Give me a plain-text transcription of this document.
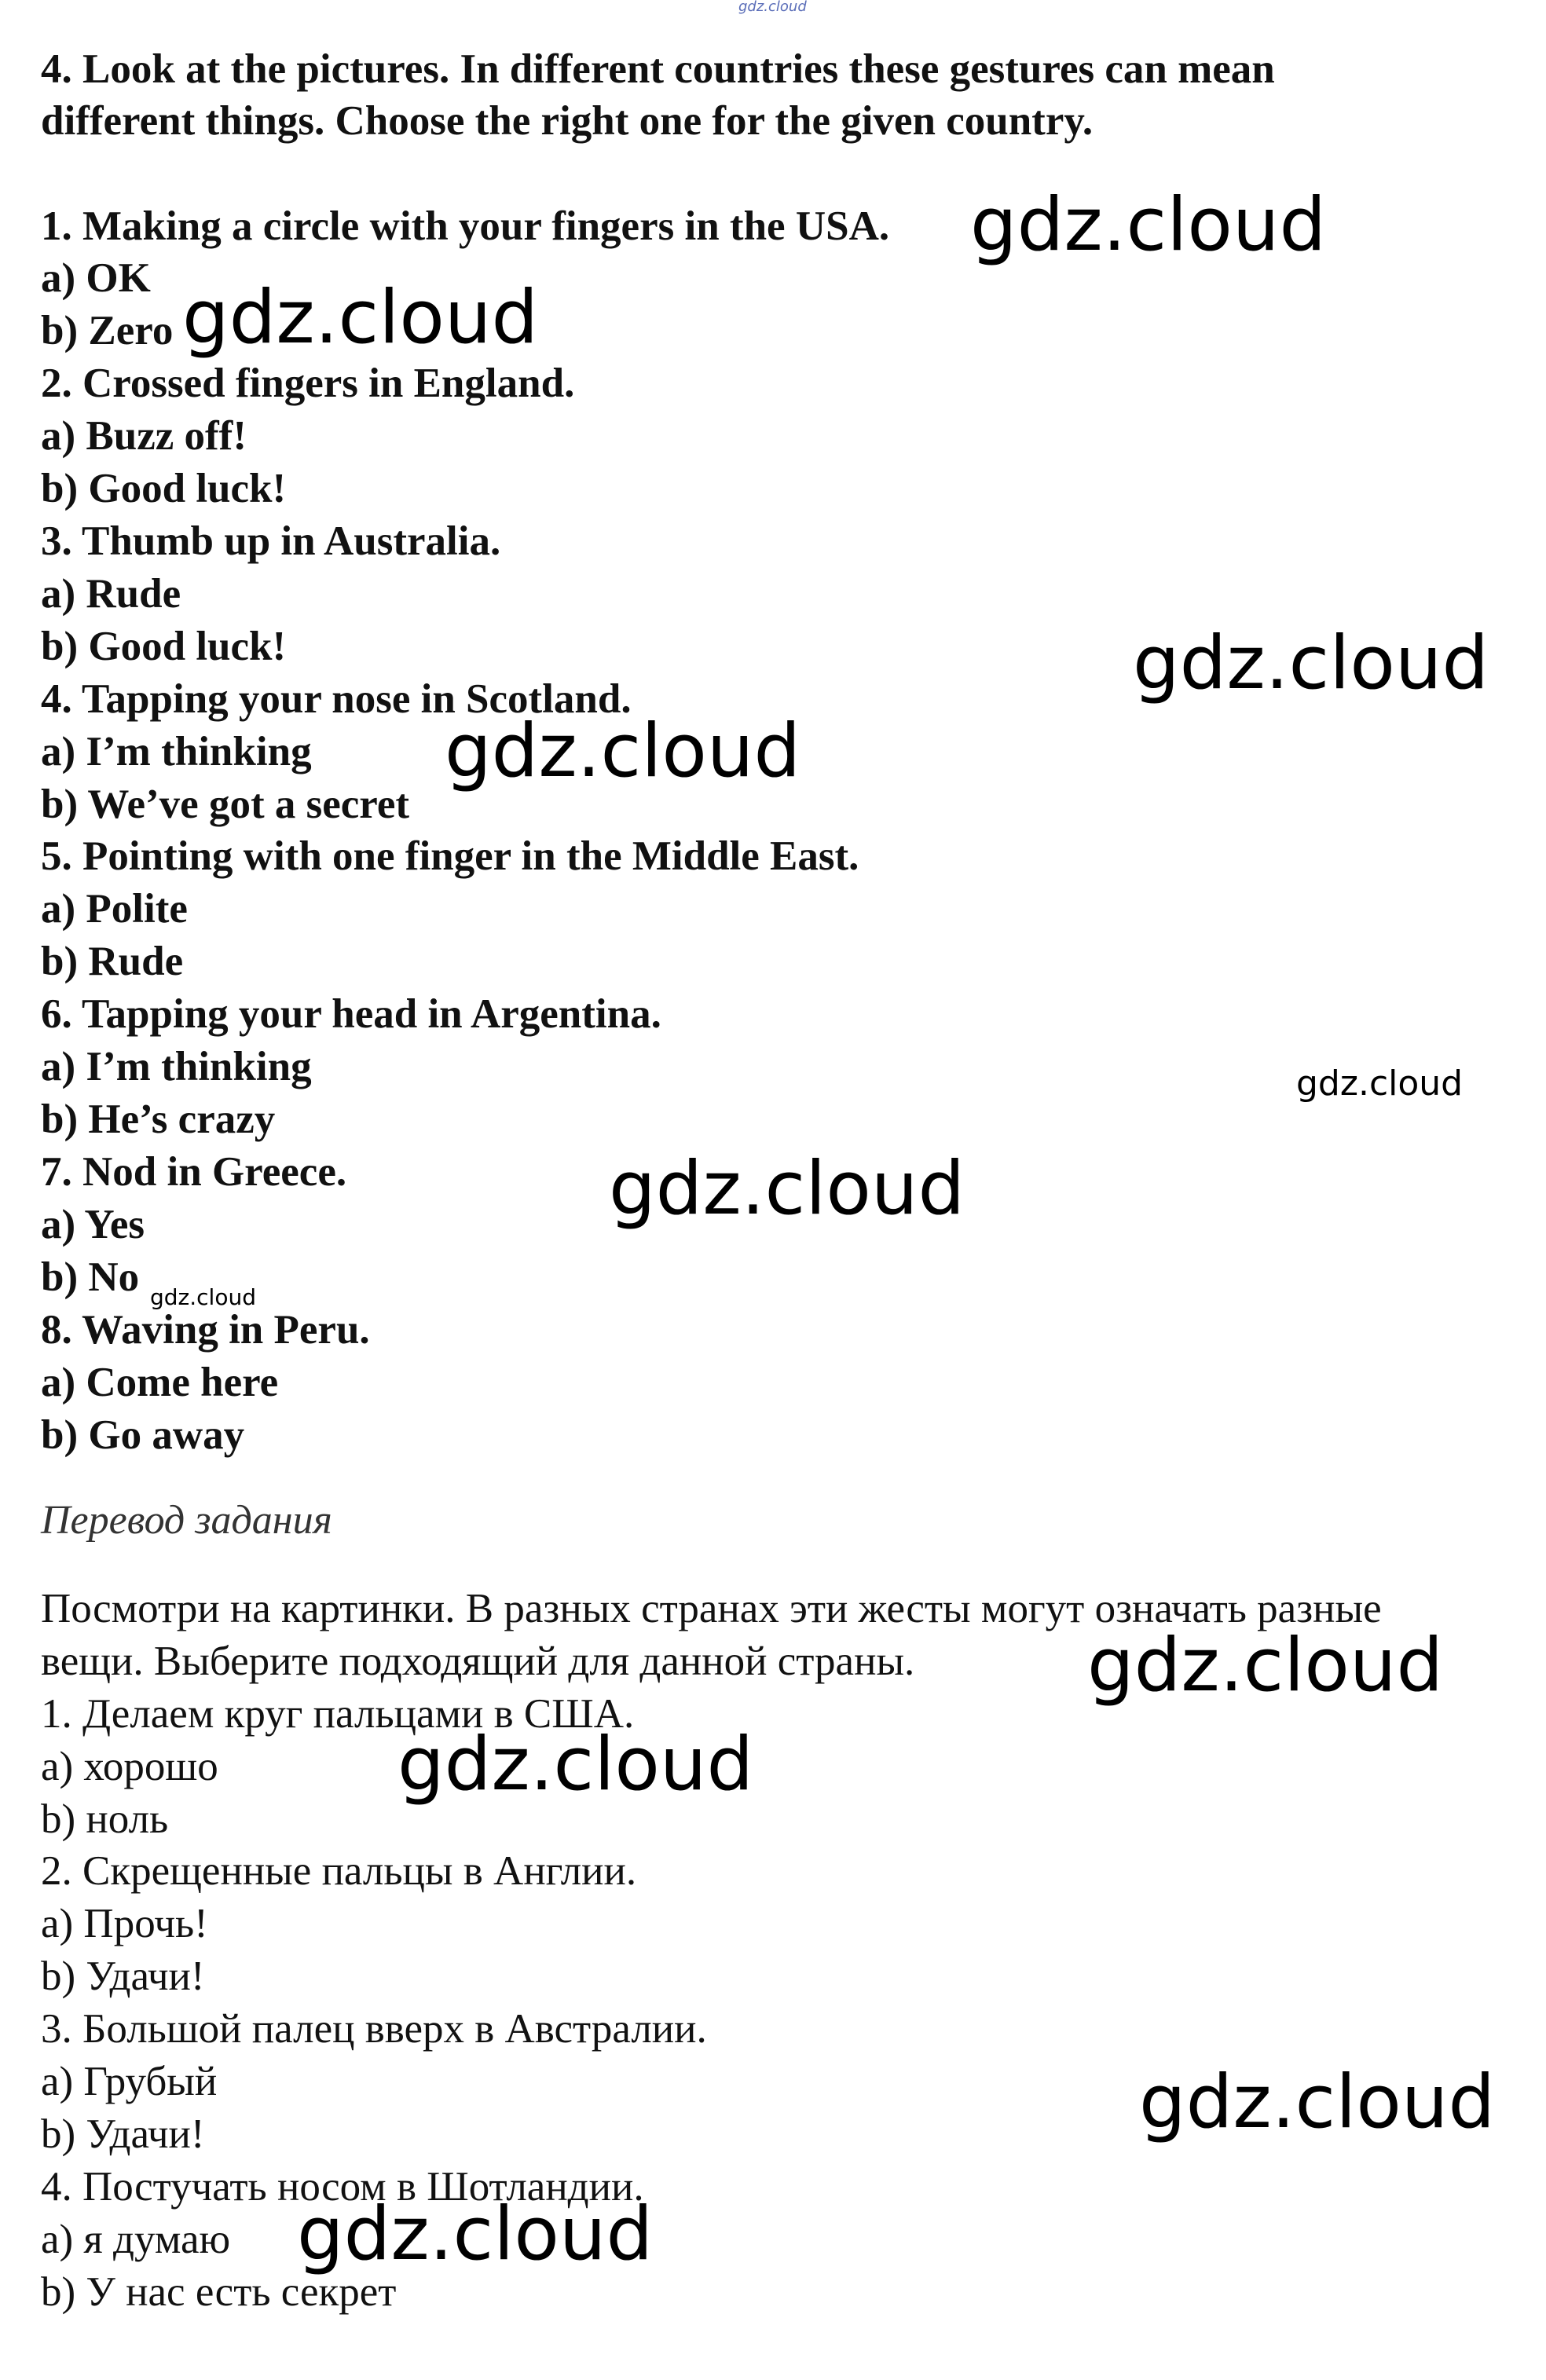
gdz.cloud
4. Look at the pictures. In different countries these gestures can mean
different things. Choose the right one for the given country.
1. Making a circle with your fingers in the USA.
a) OK
b) Zero
2. Crossed fingers in England.
a) Buzz off!
b) Good luck!
3. Thumb up in Australia.
a) Rude
b) Good luck!
4. Tapping your nose in Scotland.
a) I’m thinking
b) We’ve got a secret
5. Pointing with one finger in the Middle East.
a) Polite
b) Rude
6. Tapping your head in Argentina.
a) I’m thinking
b) He’s crazy
7. Nod in Greece.
a) Yes
b) No
8. Waving in Peru.
a) Come here
b) Go away
Перевод задания
Посмотри на картинки. В разных странах эти жесты могут означать разные
вещи. Выберите подходящий для данной страны.
1. Делаем круг пальцами в США.
a) хорошо
b) ноль
2. Скрещенные пальцы в Англии.
a) Прочь!
b) Удачи!
3. Большой палец вверх в Австралии.
a) Грубый
b) Удачи!
4. Постучать носом в Шотландии.
a) я думаю
b) У нас есть секрет
gdz.cloud
gdz.cloud
gdz.cloud
gdz.cloud
gdz.cloud
gdz.cloud
gdz.cloud
gdz.cloud
gdz.cloud
gdz.cloud
gdz.cloud
